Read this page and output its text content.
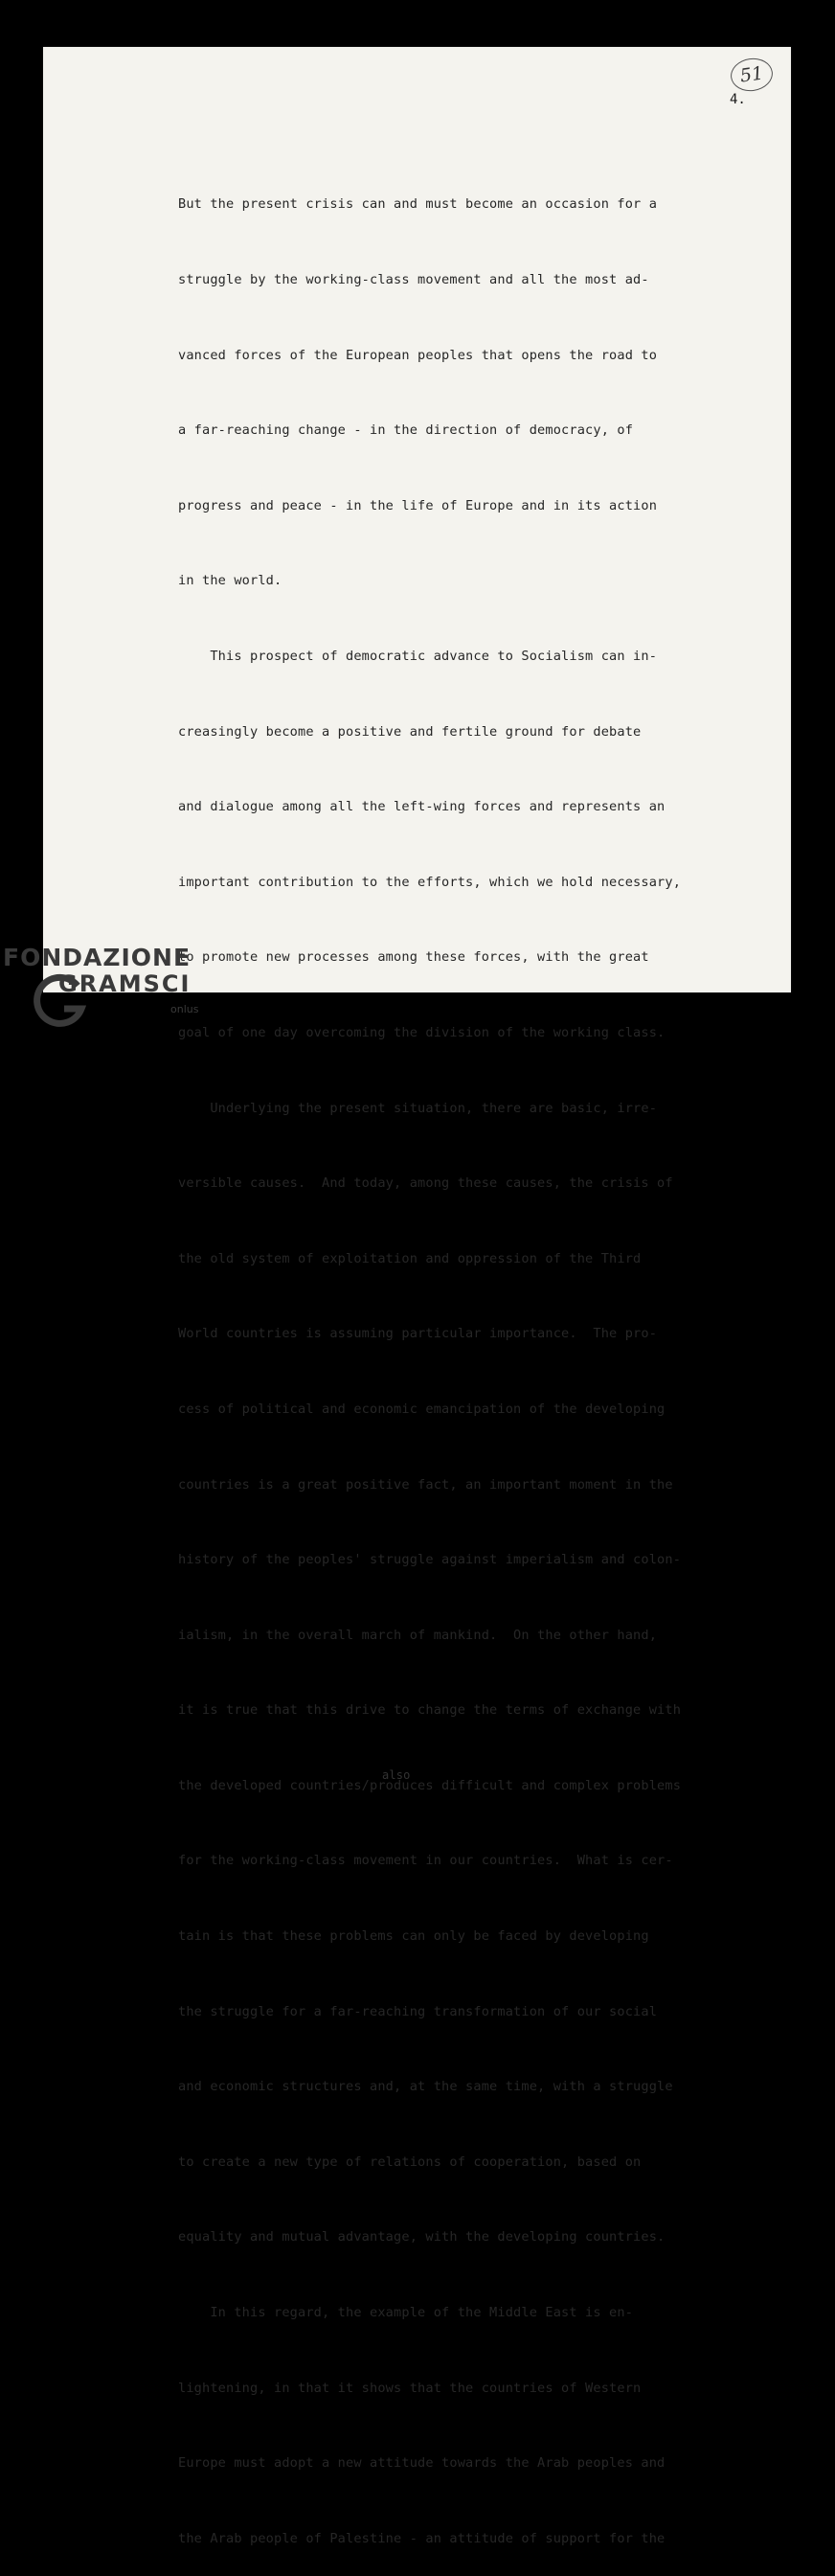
51
4.

But the present crisis can and must become an occasion for a

struggle by the working-class movement and all the most ad-

vanced forces of the European peoples that opens the road to

a far-reaching change - in the direction of democracy, of

progress and peace - in the life of Europe and in its action

in the world.

This prospect of democratic advance to Socialism can in-

creasingly become a positive and fertile ground for debate

and dialogue among all the left-wing forces and represents an

important contribution to the efforts, which we hold necessary,

to promote new processes among these forces, with the great

goal of one day overcoming the division of the working class.

Underlying the present situation, there are basic, irre-

versible causes.  And today, among these causes, the crisis of

the old system of exploitation and oppression of the Third

World countries is assuming particular importance.  The pro-

cess of political and economic emancipation of the developing

countries is a great positive fact, an important moment in the

history of the peoples' struggle against imperialism and colon-

ialism, in the overall march of mankind.  On the other hand,

it is true that this drive to change the terms of exchange with

also
the developed countries/produces difficult and complex problems

for the working-class movement in our countries.  What is cer-

tain is that these problems can only be faced by developing

the struggle for a far-reaching transformation of our social

and economic structures and, at the same time, with a struggle

to create a new type of relations of cooperation, based on

equality and mutual advantage, with the developing countries.

In this regard, the example of the Middle East is en-

lightening, in that it shows that the countries of Western

Europe must adopt a new attitude towards the Arab peoples and

the Arab people of Palestine - an attitude of support for the

FONDAZIONE
GRAMSCI
onlus
